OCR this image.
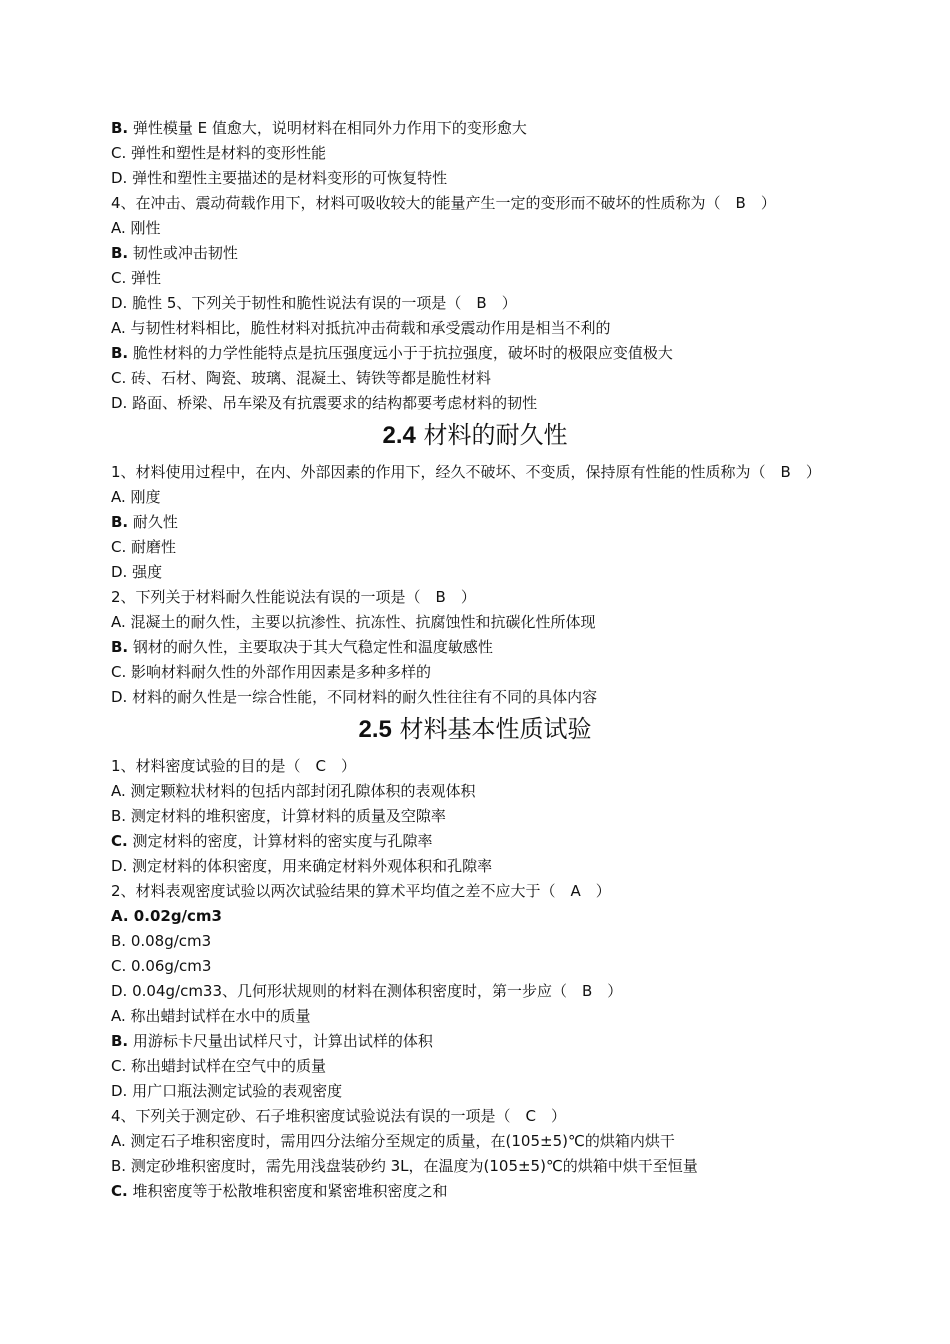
B. 弹性模量 E 值愈大，说明材料在相同外力作用下的变形愈大
C. 弹性和塑性是材料的变形性能
D. 弹性和塑性主要描述的是材料变形的可恢复特性
4、在冲击、震动荷载作用下，材料可吸收较大的能量产生一定的变形而不破坏的性质称为（　B　）
A. 刚性
B. 韧性或冲击韧性
C. 弹性
D. 脆性 5、下列关于韧性和脆性说法有误的一项是（　B　）
A. 与韧性材料相比，脆性材料对抵抗冲击荷载和承受震动作用是相当不利的
B. 脆性材料的力学性能特点是抗压强度远小于于抗拉强度，破坏时的极限应变值极大
C. 砖、石材、陶瓷、玻璃、混凝土、铸铁等都是脆性材料
D. 路面、桥梁、吊车梁及有抗震要求的结构都要考虑材料的韧性
2.4 材料的耐久性
1、材料使用过程中，在内、外部因素的作用下，经久不破坏、不变质，保持原有性能的性质称为（　B　）
A. 刚度
B. 耐久性
C. 耐磨性
D. 强度
2、下列关于材料耐久性能说法有误的一项是（　B　）
A. 混凝土的耐久性，主要以抗渗性、抗冻性、抗腐蚀性和抗碳化性所体现
B. 钢材的耐久性，主要取决于其大气稳定性和温度敏感性
C. 影响材料耐久性的外部作用因素是多种多样的
D. 材料的耐久性是一综合性能，不同材料的耐久性往往有不同的具体内容
2.5 材料基本性质试验
1、材料密度试验的目的是（　C　）
A. 测定颗粒状材料的包括内部封闭孔隙体积的表观体积
B. 测定材料的堆积密度，计算材料的质量及空隙率
C. 测定材料的密度，计算材料的密实度与孔隙率
D. 测定材料的体积密度，用来确定材料外观体积和孔隙率
2、材料表观密度试验以两次试验结果的算术平均值之差不应大于（　A　）
A. 0.02g/cm3
B. 0.08g/cm3
C. 0.06g/cm3
D. 0.04g/cm33、几何形状规则的材料在测体积密度时，第一步应（　B　）
A. 称出蜡封试样在水中的质量
B. 用游标卡尺量出试样尺寸，计算出试样的体积
C. 称出蜡封试样在空气中的质量
D. 用广口瓶法测定试验的表观密度
4、下列关于测定砂、石子堆积密度试验说法有误的一项是（　C　）
A. 测定石子堆积密度时，需用四分法缩分至规定的质量，在(105±5)℃的烘箱内烘干
B. 测定砂堆积密度时，需先用浅盘装砂约 3L，在温度为(105±5)℃的烘箱中烘干至恒量
C. 堆积密度等于松散堆积密度和紧密堆积密度之和
